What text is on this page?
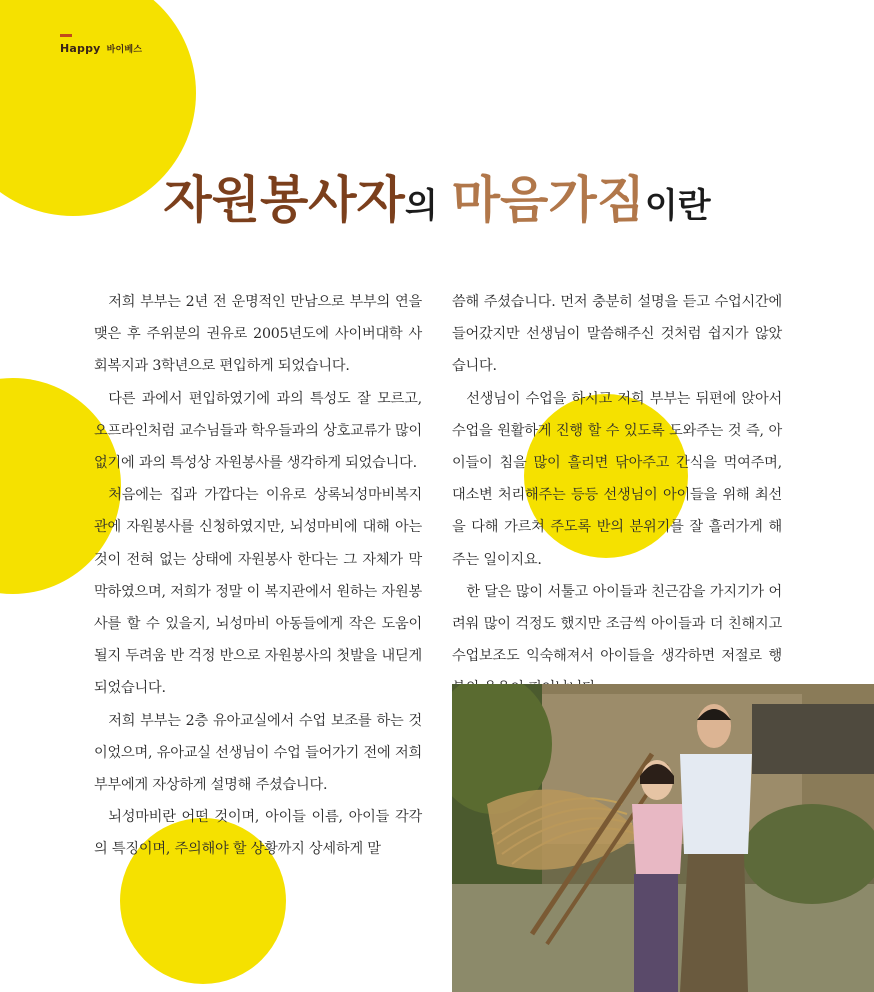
Happy 바이베스
자원봉사자의 마음가짐이란

저희 부부는 2년 전 운명적인 만남으로 부부의 연을 맺은 후 주위분의 권유로 2005년도에 사이버대학 사회복지과 3학년으로 편입하게 되었습니다.

다른 과에서 편입하였기에 과의 특성도 잘 모르고, 오프라인처럼 교수님들과 학우들과의 상호교류가 많이 없기에 과의 특성상 자원봉사를 생각하게 되었습니다.

처음에는 집과 가깝다는 이유로 상록뇌성마비복지관에 자원봉사를 신청하였지만, 뇌성마비에 대해 아는 것이 전혀 없는 상태에 자원봉사 한다는 그 자체가 막막하였으며, 저희가 정말 이 복지관에서 원하는 자원봉사를 할 수 있을지, 뇌성마비 아동들에게 작은 도움이 될지 두려움 반 걱정 반으로 자원봉사의 첫발을 내딛게 되었습니다.

저희 부부는 2층 유아교실에서 수업 보조를 하는 것이었으며, 유아교실 선생님이 수업 들어가기 전에 저희 부부에게 자상하게 설명해 주셨습니다.

뇌성마비란 어떤 것이며, 아이들 이름, 아이들 각각의 특징이며, 주의해야 할 상황까지 상세하게 말

씀해 주셨습니다. 먼저 충분히 설명을 듣고 수업시간에 들어갔지만 선생님이 말씀해주신 것처럼 쉽지가 않았습니다.

선생님이 수업을 하시고 저희 부부는 뒤편에 앉아서 수업을 원활하게 진행 할 수 있도록 도와주는 것 즉, 아이들이 침을 많이 흘리면 닦아주고 간식을 먹여주며, 대소변 처리해주는 등등 선생님이 아이들을 위해 최선을 다해 가르쳐 주도록 반의 분위기를 잘 흘러가게 해주는 일이지요.

한 달은 많이 서툴고 아이들과 친근감을 가지기가 어려워 많이 걱정도 했지만 조금씩 아이들과 더 친해지고 수업보조도 익숙해져서 아이들을 생각하면 저절로 행
